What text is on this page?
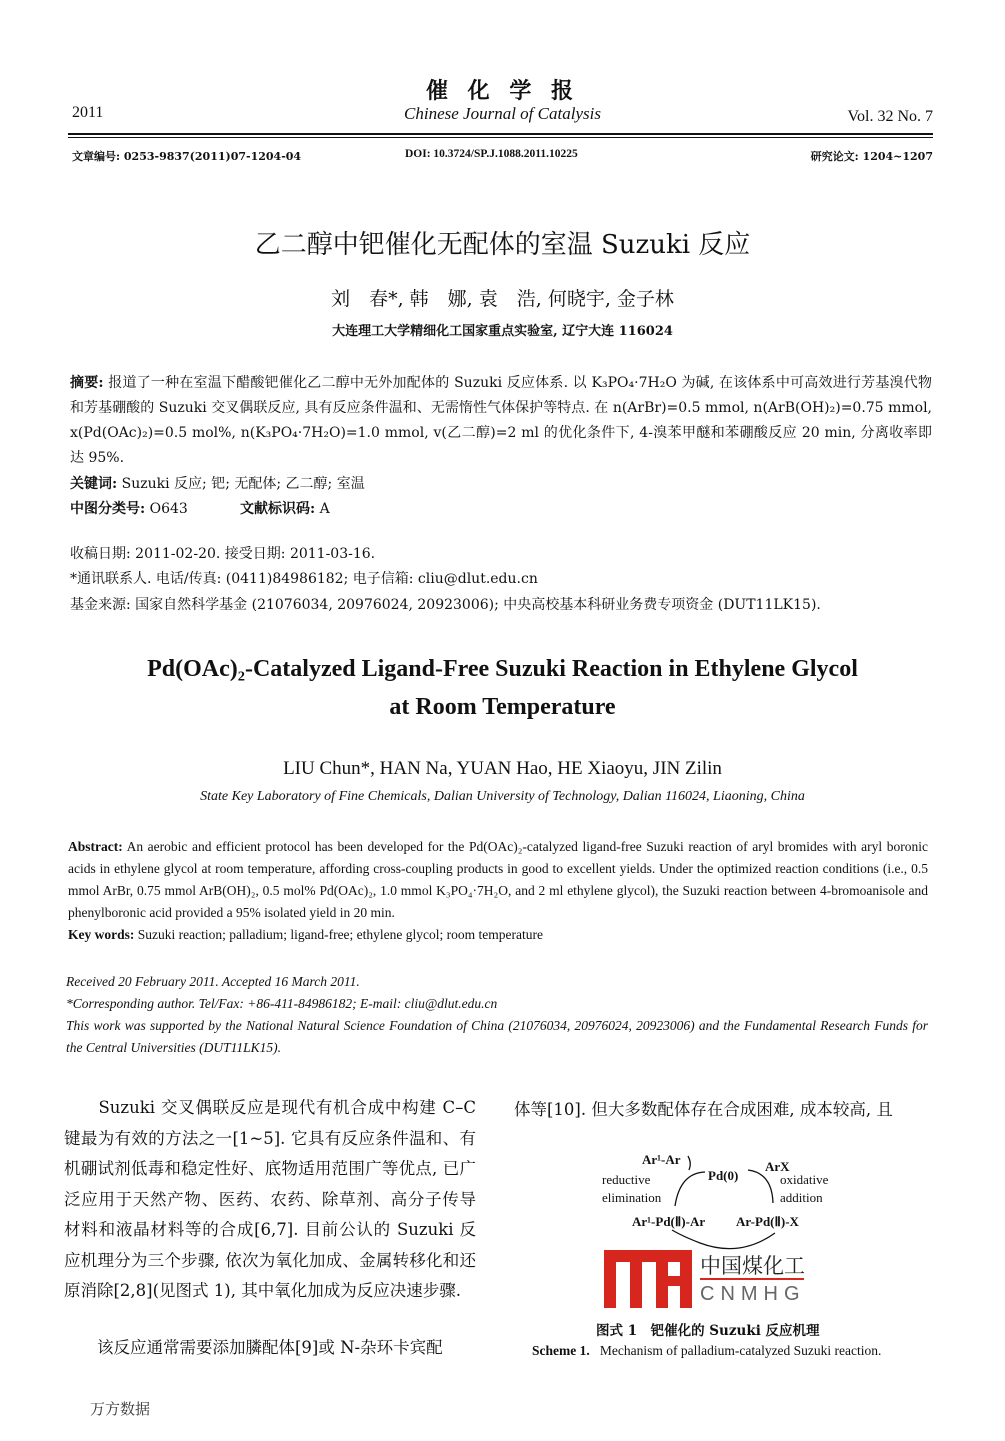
催 化 学 报
Chinese Journal of Catalysis
2011	Vol. 32 No. 7
文章编号: 0253-9837(2011)07-1204-04	DOI: 10.3724/SP.J.1088.2011.10225	研究论文: 1204~1207
乙二醇中钯催化无配体的室温 Suzuki 反应
刘　春*, 韩　娜, 袁　浩, 何晓宇, 金子林
大连理工大学精细化工国家重点实验室, 辽宁大连 116024
摘要: 报道了一种在室温下醋酸钯催化乙二醇中无外加配体的 Suzuki 反应体系. 以 K₃PO₄·7H₂O 为碱, 在该体系中可高效进行芳基溴代物和芳基硼酸的 Suzuki 交叉偶联反应, 具有反应条件温和、无需惰性气体保护等特点. 在 n(ArBr)=0.5 mmol, n(ArB(OH)₂)=0.75 mmol, x(Pd(OAc)₂)=0.5 mol%, n(K₃PO₄·7H₂O)=1.0 mmol, v(乙二醇)=2 ml 的优化条件下, 4-溴苯甲醚和苯硼酸反应 20 min, 分离收率即达 95%.
关键词: Suzuki 反应; 钯; 无配体; 乙二醇; 室温
中图分类号: O643	文献标识码: A
收稿日期: 2011-02-20. 接受日期: 2011-03-16.
*通讯联系人. 电话/传真: (0411)84986182; 电子信箱: cliu@dlut.edu.cn
基金来源: 国家自然科学基金 (21076034, 20976024, 20923006); 中央高校基本科研业务费专项资金 (DUT11LK15).
Pd(OAc)₂-Catalyzed Ligand-Free Suzuki Reaction in Ethylene Glycol
at Room Temperature
LIU Chun*, HAN Na, YUAN Hao, HE Xiaoyu, JIN Zilin
State Key Laboratory of Fine Chemicals, Dalian University of Technology, Dalian 116024, Liaoning, China
Abstract: An aerobic and efficient protocol has been developed for the Pd(OAc)₂-catalyzed ligand-free Suzuki reaction of aryl bromides with aryl boronic acids in ethylene glycol at room temperature, affording cross-coupling products in good to excellent yields. Under the optimized reaction conditions (i.e., 0.5 mmol ArBr, 0.75 mmol ArB(OH)₂, 0.5 mol% Pd(OAc)₂, 1.0 mmol K₃PO₄·7H₂O, and 2 ml ethylene glycol), the Suzuki reaction between 4-bromoanisole and phenylboronic acid provided a 95% isolated yield in 20 min.
Key words: Suzuki reaction; palladium; ligand-free; ethylene glycol; room temperature
Received 20 February 2011. Accepted 16 March 2011.
*Corresponding author. Tel/Fax: +86-411-84986182; E-mail: cliu@dlut.edu.cn
This work was supported by the National Natural Science Foundation of China (21076034, 20976024, 20923006) and the Fundamental Research Funds for the Central Universities (DUT11LK15).
　　Suzuki 交叉偶联反应是现代有机合成中构建 C–C 键最为有效的方法之一[1~5]. 它具有反应条件温和、有机硼试剂低毒和稳定性好、底物适用范围广等优点, 已广泛应用于天然产物、医药、农药、除草剂、高分子传导材料和液晶材料等的合成[6,7]. 目前公认的 Suzuki 反应机理分为三个步骤, 依次为氧化加成、金属转移化和还原消除[2,8](见图式 1), 其中氧化加成为反应决速步骤.
　　该反应通常需要添加膦配体[9]或 N-杂环卡宾配
体等[10]. 但大多数配体存在合成困难, 成本较高, 且
Ar¹-Ar
Pd(0)
ArX
reductive
elimination
oxidative
addition
Ar¹-Pd(Ⅱ)-Ar Ar-Pd(Ⅱ)-X
中国煤化工
CNMHG
图式 1　钯催化的 Suzuki 反应机理
Scheme 1. Mechanism of palladium-catalyzed Suzuki reaction.
万方数据
